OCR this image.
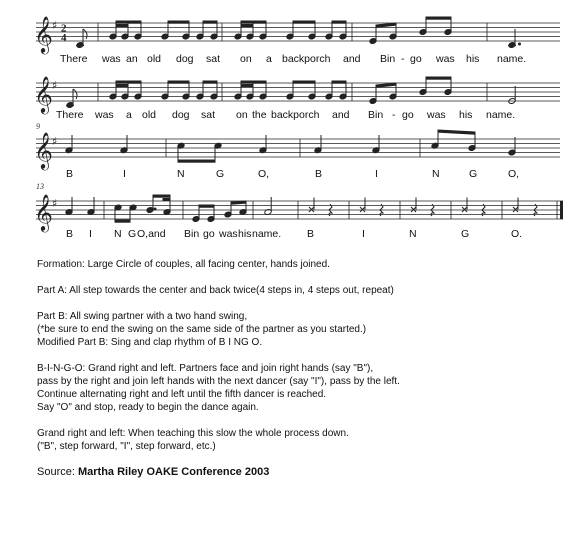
𝄞 ♯ 2
4
𝄞 ♯
9
𝄞 ♯
13
𝄞 ♯
There was an old dog sat on a backporch and Bin - go was his name.
There was a old dog sat on the backporch and Bin - go was his name.
B	I	N	G	O,	B	I	N	G	O,
B I N G O,and Bin go was his name. B	I	N	G	O.

Formation: Large Circle of couples, all facing center, hands joined.

Part A: All step towards the center and back twice(4 steps in, 4 steps out, repeat)

Part B: All swing partner with a two hand swing,
(*be sure to end the swing on the same side of the partner as you started.)
Modified Part B: Sing and clap rhythm of B I NG O.

B-I-N-G-O: Grand right and left. Partners face and join right hands (say "B"),
pass by the right and join left hands with the next dancer (say "I"), pass by the left.
Continue alternating right and left until the fifth dancer is reached.
Say "O" and stop, ready to begin the dance again.

Grand right and left: When teaching this slow the whole process down.
("B", step forward, "I", step forward, etc.)

Source: Martha Riley OAKE Conference 2003
